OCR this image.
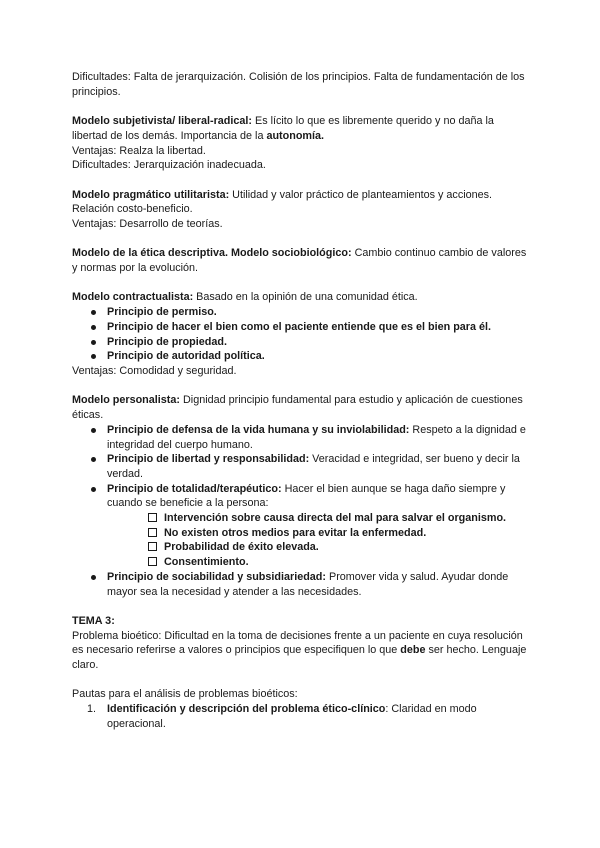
Dificultades: Falta de jerarquización. Colisión de los principios. Falta de fundamentación de los principios.

Modelo subjetivista/ liberal-radical: Es lícito lo que es libremente querido y no daña la libertad de los demás. Importancia de la autonomía.

Ventajas: Realza la libertad.

Dificultades: Jerarquización inadecuada.

Modelo pragmático utilitarista: Utilidad y valor práctico de planteamientos y acciones. Relación costo-beneficio.

Ventajas: Desarrollo de teorías.

Modelo de la ética descriptiva. Modelo sociobiológico: Cambio continuo cambio de valores y normas por la evolución.

Modelo contractualista: Basado en la opinión de una comunidad ética.

Principio de permiso.
Principio de hacer el bien como el paciente entiende que es el bien para él.
Principio de propiedad.
Principio de autoridad política.

Ventajas: Comodidad y seguridad.

Modelo personalista: Dignidad principio fundamental para estudio y aplicación de cuestiones éticas.

Principio de defensa de la vida humana y su inviolabilidad: Respeto a la dignidad e integridad del cuerpo humano.
Principio de libertad y responsabilidad: Veracidad e integridad, ser bueno y decir la verdad.
Principio de totalidad/terapéutico: Hacer el bien aunque se haga daño siempre y cuando se beneficie a la persona:
Intervención sobre causa directa del mal para salvar el organismo.
No existen otros medios para evitar la enfermedad.
Probabilidad de éxito elevada.
Consentimiento.
Principio de sociabilidad y subsidiariedad: Promover vida y salud. Ayudar donde mayor sea la necesidad y atender a las necesidades.

TEMA 3:

Problema bioético: Dificultad en la toma de decisiones frente a un paciente en cuya resolución es necesario referirse a valores o principios que especifiquen lo que debe ser hecho. Lenguaje claro.

Pautas para el análisis de problemas bioéticos:

1. Identificación y descripción del problema ético-clínico: Claridad en modo operacional.
